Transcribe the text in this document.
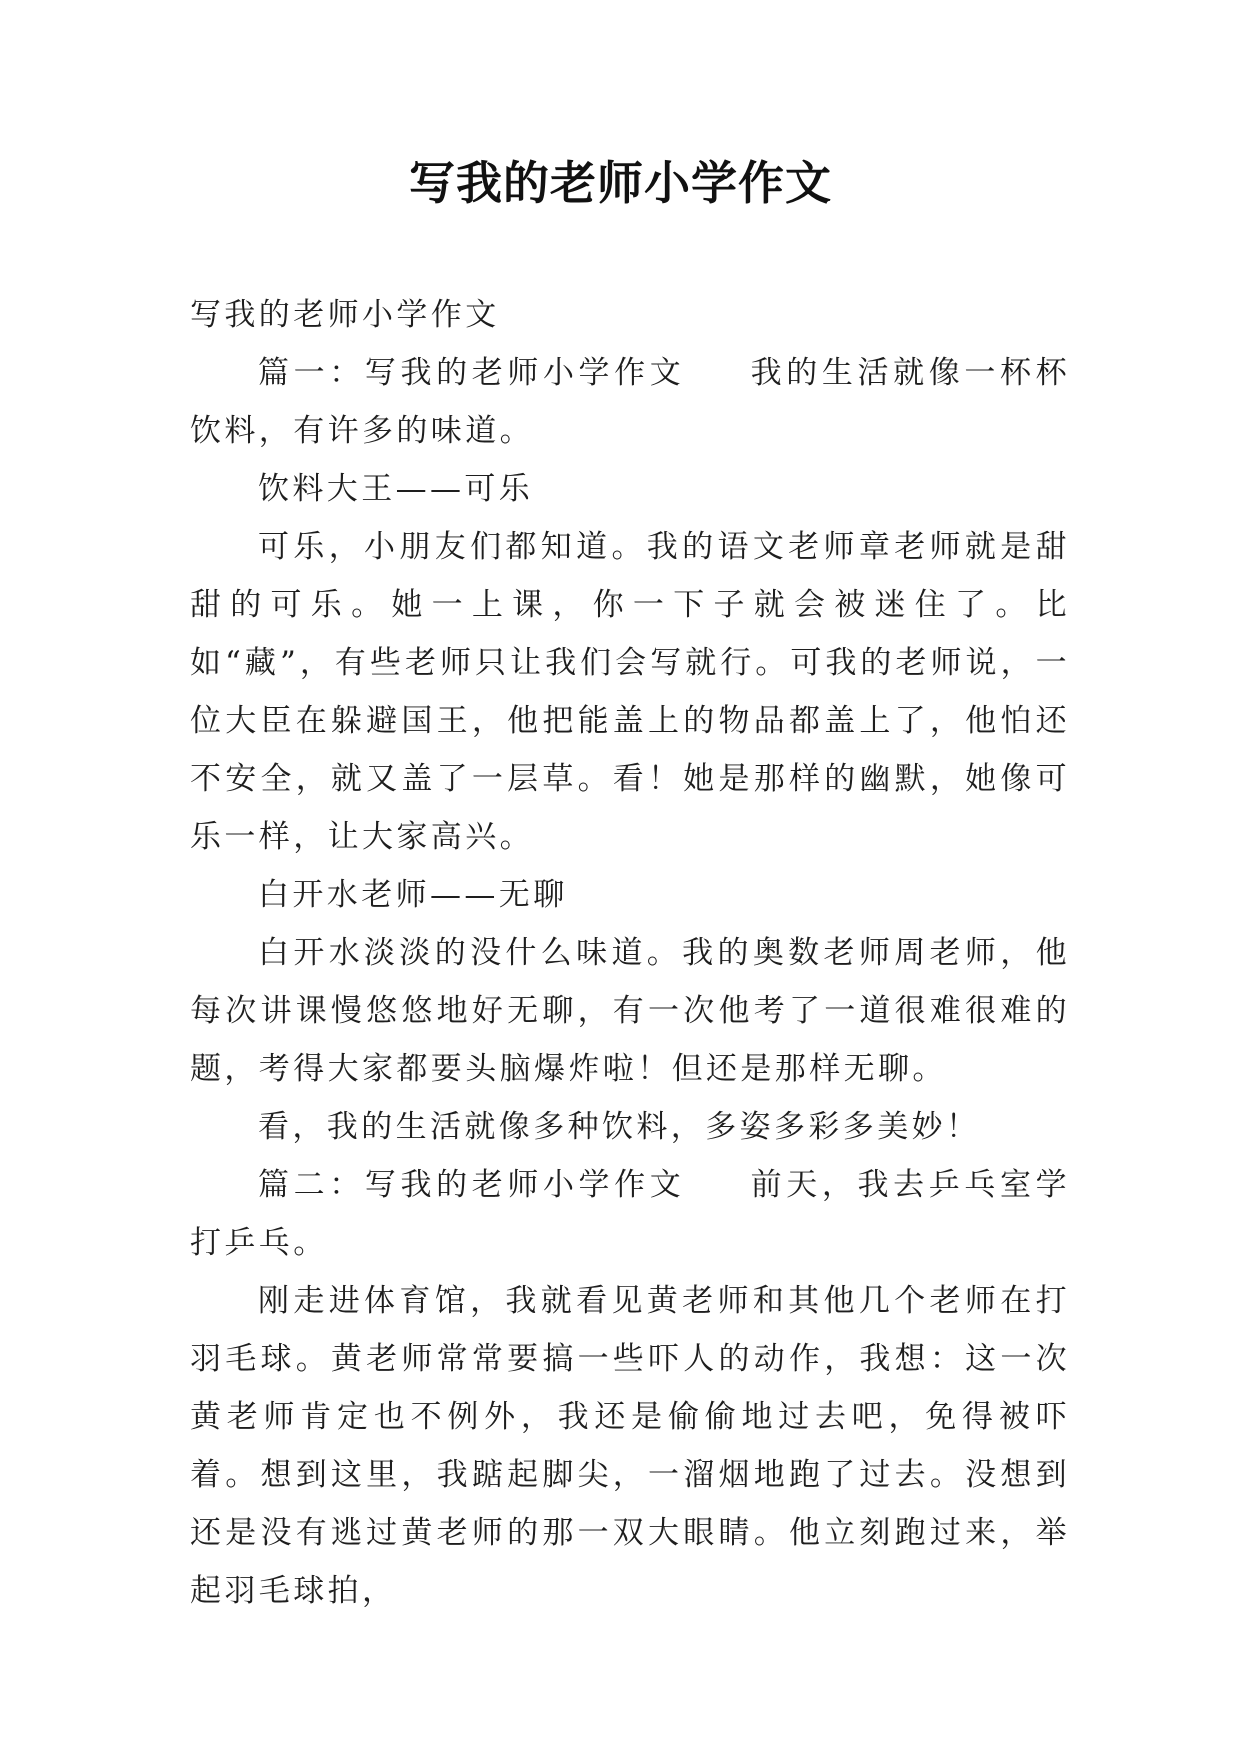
写我的老师小学作文

写我的老师小学作文

篇一：写我的老师小学作文 我的生活就像一杯杯饮料，有许多的味道。

饮料大王——可乐

可乐，小朋友们都知道。我的语文老师章老师就是甜甜的可乐。她一上课，你一下子就会被迷住了。比如“藏”，有些老师只让我们会写就行。可我的老师说，一位大臣在躲避国王，他把能盖上的物品都盖上了，他怕还不安全，就又盖了一层草。看！她是那样的幽默，她像可乐一样，让大家高兴。

白开水老师——无聊

白开水淡淡的没什么味道。我的奥数老师周老师，他每次讲课慢悠悠地好无聊，有一次他考了一道很难很难的题，考得大家都要头脑爆炸啦！但还是那样无聊。

看，我的生活就像多种饮料，多姿多彩多美妙！

篇二：写我的老师小学作文 前天，我去乒乓室学打乒乓。

刚走进体育馆，我就看见黄老师和其他几个老师在打羽毛球。黄老师常常要搞一些吓人的动作，我想：这一次黄老师肯定也不例外，我还是偷偷地过去吧，免得被吓着。想到这里，我踮起脚尖，一溜烟地跑了过去。没想到还是没有逃过黄老师的那一双大眼睛。他立刻跑过来，举起羽毛球拍，
